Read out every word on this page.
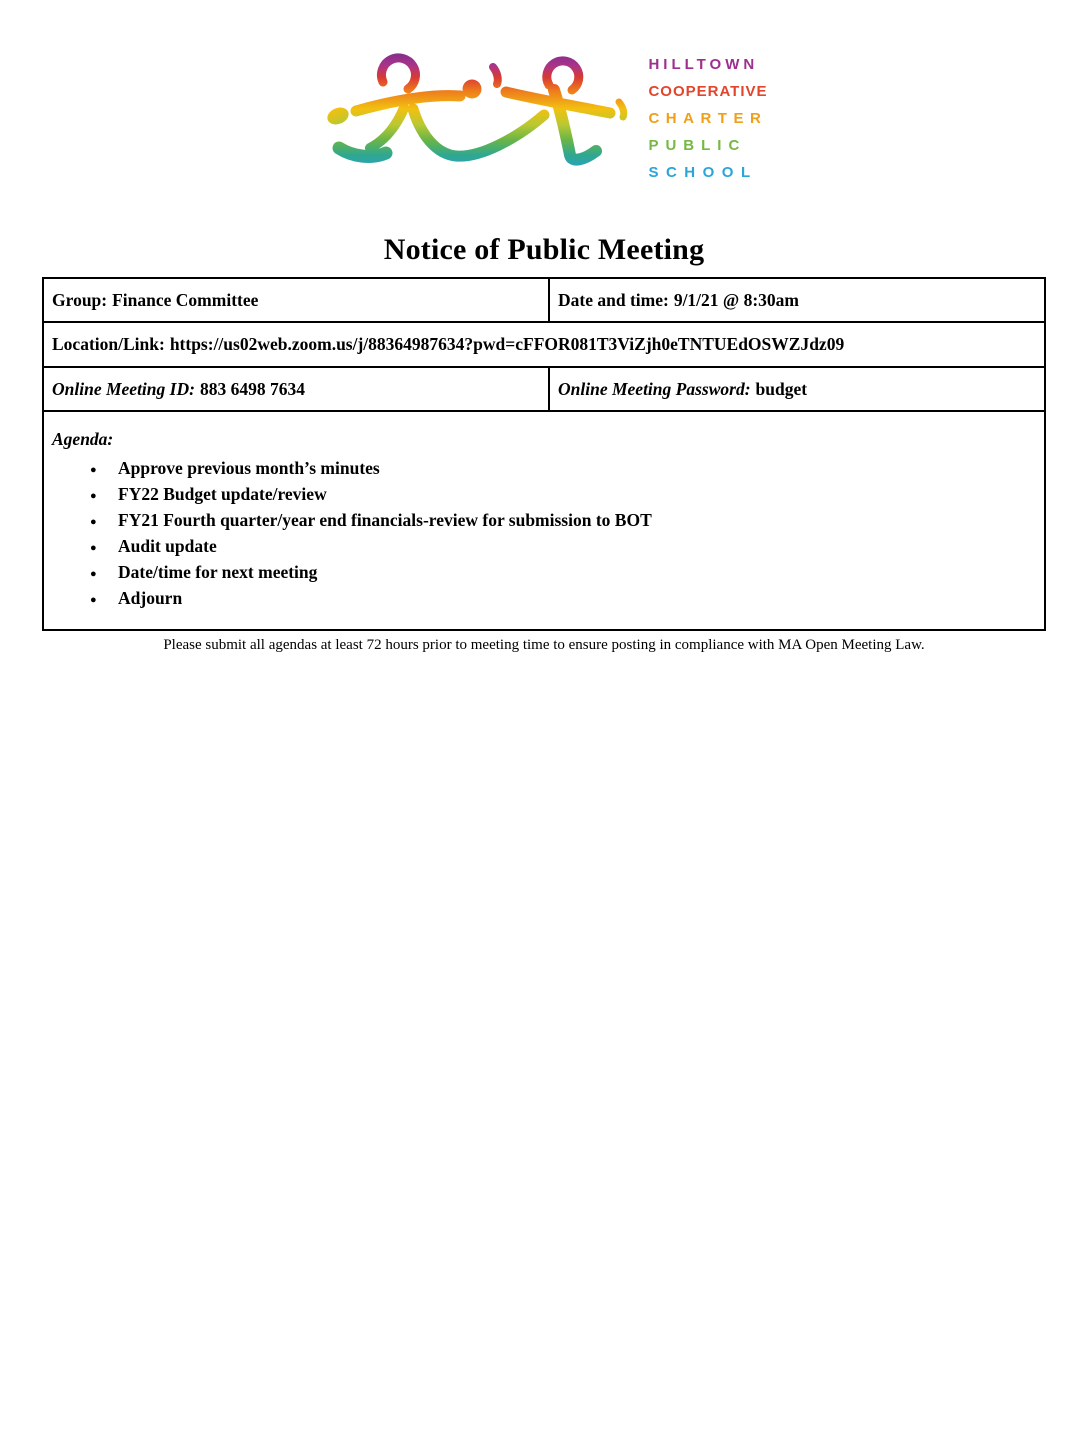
HILLTOWN
COOPERATIVE
CHARTER
PUBLIC
SCHOOL
Notice of Public Meeting
Group: Finance Committee	Date and time: 9/1/21 @ 8:30am
Location/Link: https://us02web.zoom.us/j/88364987634?pwd=cFFOR081T3ViZjh0eTNTUEdOSWZJdz09	
Online Meeting ID: 883 6498 7634	Online Meeting Password: budget

Agenda:
● Approve previous month’s minutes
● FY22 Budget update/review
● FY21 Fourth quarter/year end financials-review for submission to BOT
● Audit update
● Date/time for next meeting
● Adjourn
Please submit all agendas at least 72 hours prior to meeting time to ensure posting in compliance with MA Open Meeting Law.
